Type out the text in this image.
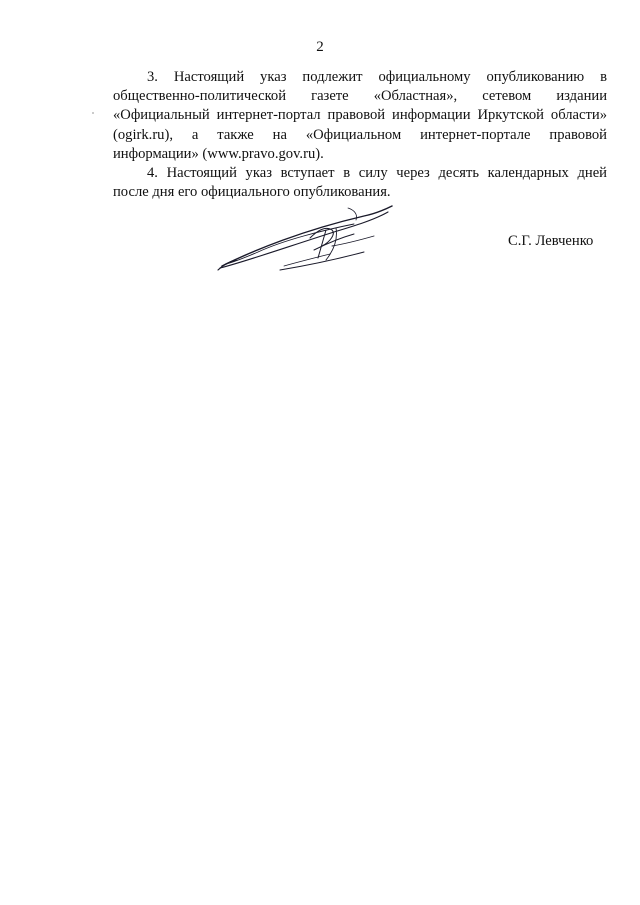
2

3. Настоящий указ подлежит официальному опубликованию в
общественно-политической газете «Областная», сетевом издании
«Официальный интернет-портал правовой информации Иркутской области»
(ogirk.ru), а также на «Официальном интернет-портале правовой
информации» (www.pravo.gov.ru).

4. Настоящий указ вступает в силу через десять календарных дней
после дня его официального опубликования.

С.Г. Левченко
